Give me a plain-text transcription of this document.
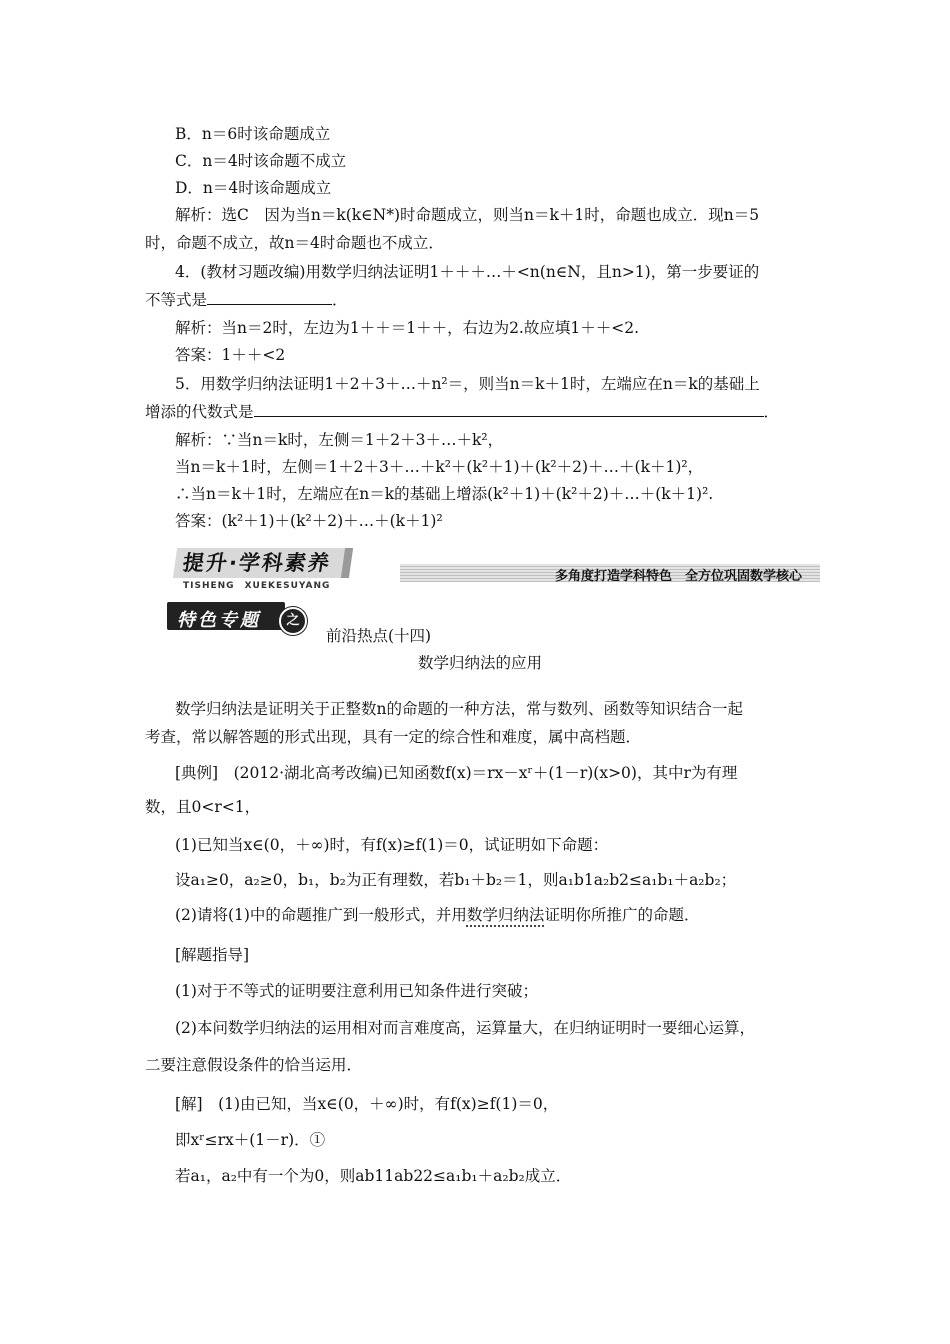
B．n＝6时该命题成立
C．n＝4时该命题不成立
D．n＝4时该命题成立
解析：选C　因为当n＝k(k∈N*)时命题成立，则当n＝k＋1时，命题也成立．现n＝5
时，命题不成立，故n＝4时命题也不成立．
4．(教材习题改编)用数学归纳法证明1＋＋＋…＋<n(n∈N，且n>1)，第一步要证的
不等式是	．
解析：当n＝2时，左边为1＋＋＝1＋＋，右边为2.故应填1＋＋<2.
答案：1＋＋<2
5．用数学归纳法证明1＋2＋3＋…＋n²＝，则当n＝k＋1时，左端应在n＝k的基础上
增添的代数式是	．
解析：∵当n＝k时，左侧＝1＋2＋3＋…＋k²，
当n＝k＋1时，左侧＝1＋2＋3＋…＋k²＋(k²＋1)＋(k²＋2)＋…＋(k＋1)²，
∴当n＝k＋1时，左端应在n＝k的基础上增添(k²＋1)＋(k²＋2)＋…＋(k＋1)².
答案：(k²＋1)＋(k²＋2)＋…＋(k＋1)²
提升·学科素养
TISHENG　XUEKESUYANG
多角度打造学科特色　全方位巩固数学核心
特色专题	之
前沿热点(十四)
数学归纳法的应用
数学归纳法是证明关于正整数n的命题的一种方法，常与数列、函数等知识结合一起
考查，常以解答题的形式出现，具有一定的综合性和难度，属中高档题．
[典例]　(2012·湖北高考改编)已知函数f(x)＝rx－xʳ＋(1－r)(x>0)，其中r为有理
数，且0<r<1，
(1)已知当x∈(0，＋∞)时，有f(x)≥f(1)＝0，试证明如下命题：
设a₁≥0，a₂≥0，b₁，b₂为正有理数，若b₁＋b₂＝1，则a₁b1a₂b2≤a₁b₁＋a₂b₂；
(2)请将(1)中的命题推广到一般形式，并用数学归纳法证明你所推广的命题．
[解题指导]
(1)对于不等式的证明要注意利用已知条件进行突破；
(2)本问数学归纳法的运用相对而言难度高，运算量大，在归纳证明时一要细心运算，
二要注意假设条件的恰当运用．
[解]　(1)由已知，当x∈(0，＋∞)时，有f(x)≥f(1)＝0，
即xʳ≤rx＋(1－r)．①
若a₁，a₂中有一个为0，则ab11ab22≤a₁b₁＋a₂b₂成立．
